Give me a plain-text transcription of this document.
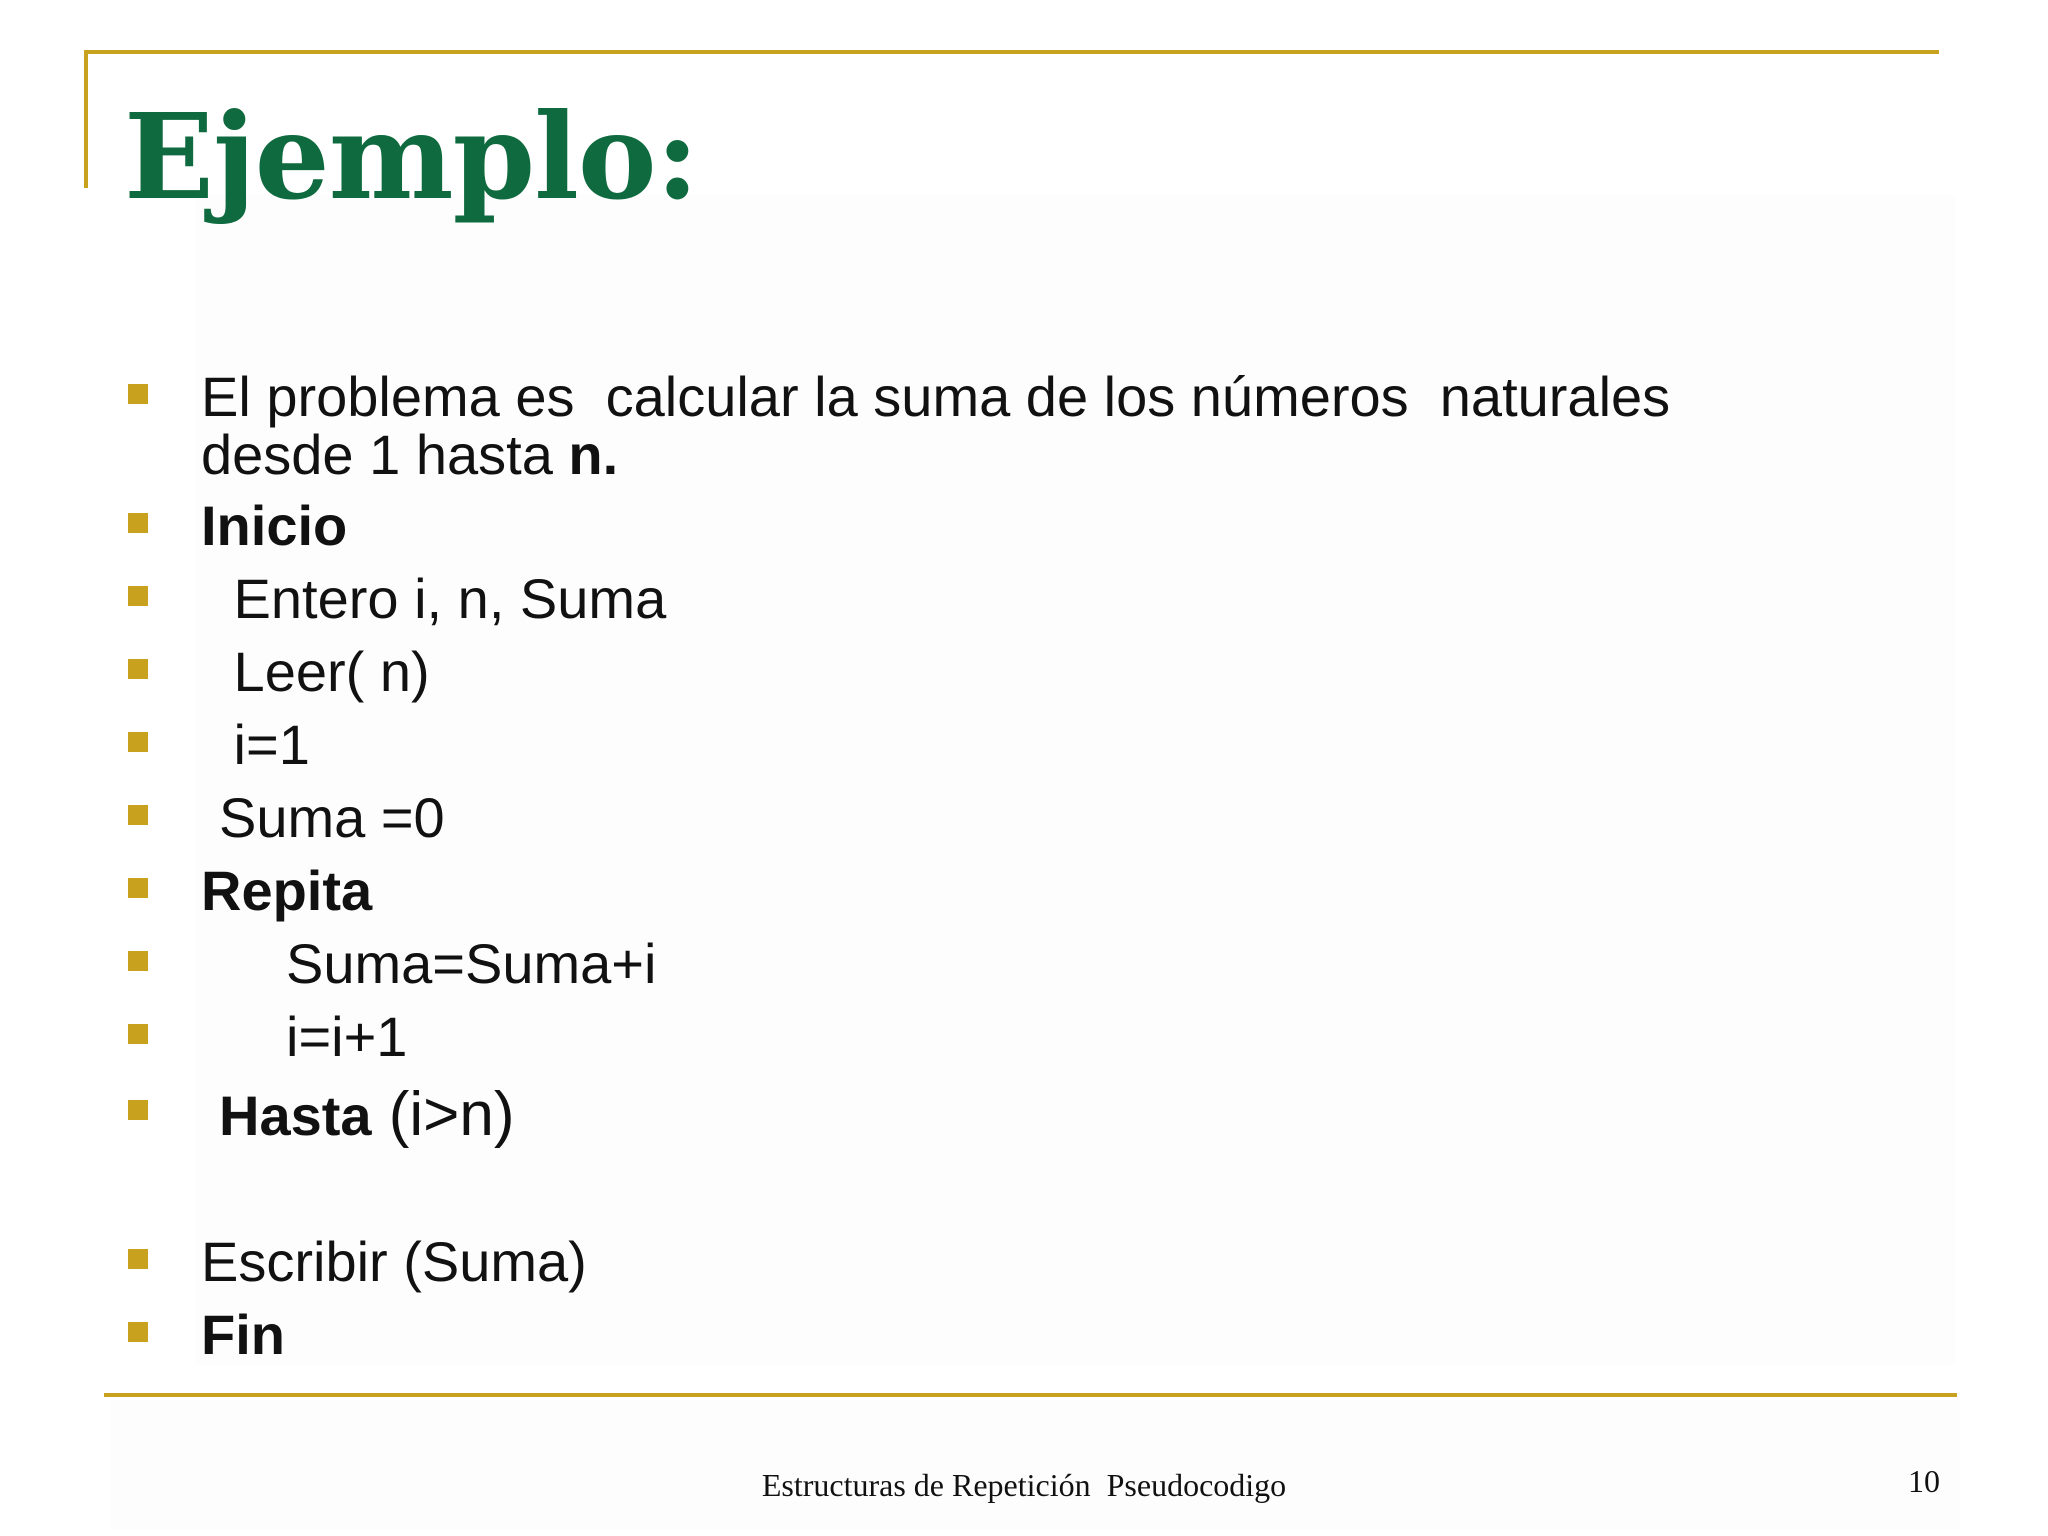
Ejemplo:
El problema es  calcular la suma de los números  naturales
desde 1 hasta n.
Inicio
Entero i, n, Suma
Leer( n)
i=1
Suma =0
Repita
Suma=Suma+i
i=i+1
Hasta (i>n)
Escribir (Suma)
Fin
Estructuras de Repetición  Pseudocodigo	10
